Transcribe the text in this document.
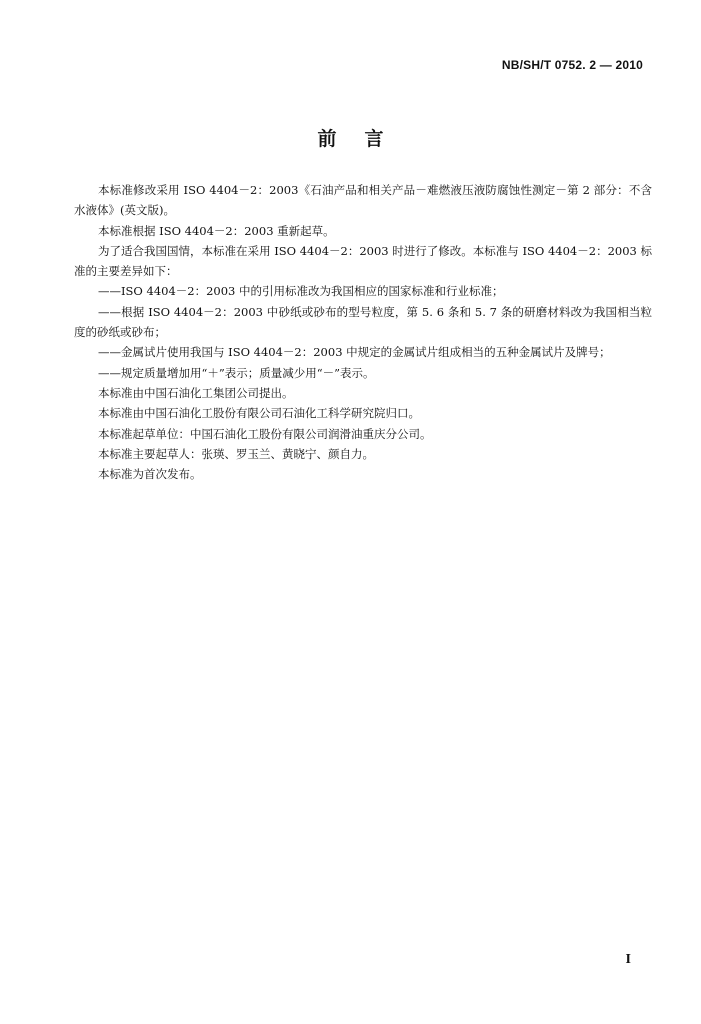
NB/SH/T 0752. 2 — 2010
前言

本标准修改采用 ISO 4404－2：2003《石油产品和相关产品－难燃液压液防腐蚀性测定－第 2 部分：不含水液体》(英文版)。

本标准根据 ISO 4404－2：2003 重新起草。

为了适合我国国情，本标准在采用 ISO 4404－2：2003 时进行了修改。本标准与 ISO 4404－2：2003 标准的主要差异如下：

——ISO 4404－2：2003 中的引用标准改为我国相应的国家标准和行业标准；

——根据 ISO 4404－2：2003 中砂纸或砂布的型号粒度，第 5. 6 条和 5. 7 条的研磨材料改为我国相当粒度的砂纸或砂布；

——金属试片使用我国与 ISO 4404－2：2003 中规定的金属试片组成相当的五种金属试片及牌号；

——规定质量增加用“＋”表示；质量减少用“－”表示。

本标准由中国石油化工集团公司提出。

本标准由中国石油化工股份有限公司石油化工科学研究院归口。

本标准起草单位：中国石油化工股份有限公司润滑油重庆分公司。

本标准主要起草人：张瑛、罗玉兰、黄晓宁、颜自力。

本标准为首次发布。

I
